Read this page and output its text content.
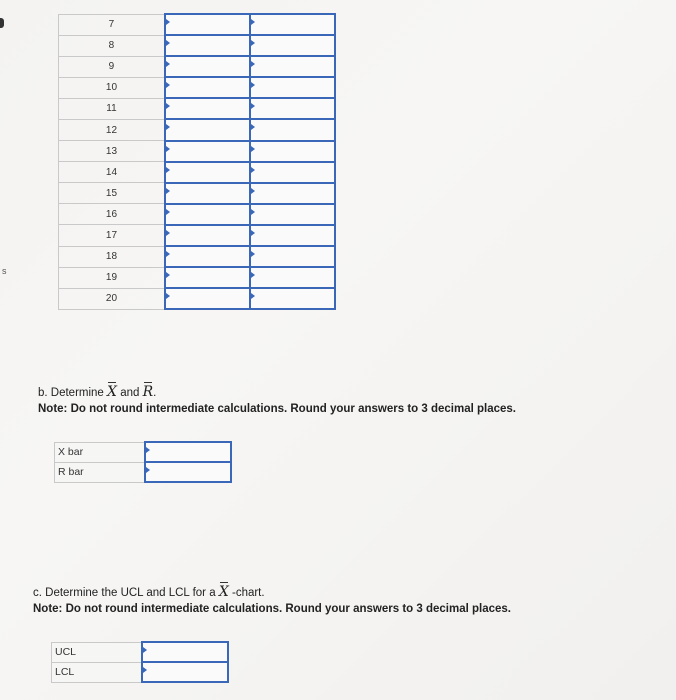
s
7		
8		
9		
10		
11		
12		
13		
14		
15		
16		
17		
18		
19		
20		
b. Determine X and R.
Note: Do not round intermediate calculations. Round your answers to 3 decimal places.
X bar	
R bar	
c. Determine the UCL and LCL for a X -chart.
Note: Do not round intermediate calculations. Round your answers to 3 decimal places.
UCL	
LCL	
